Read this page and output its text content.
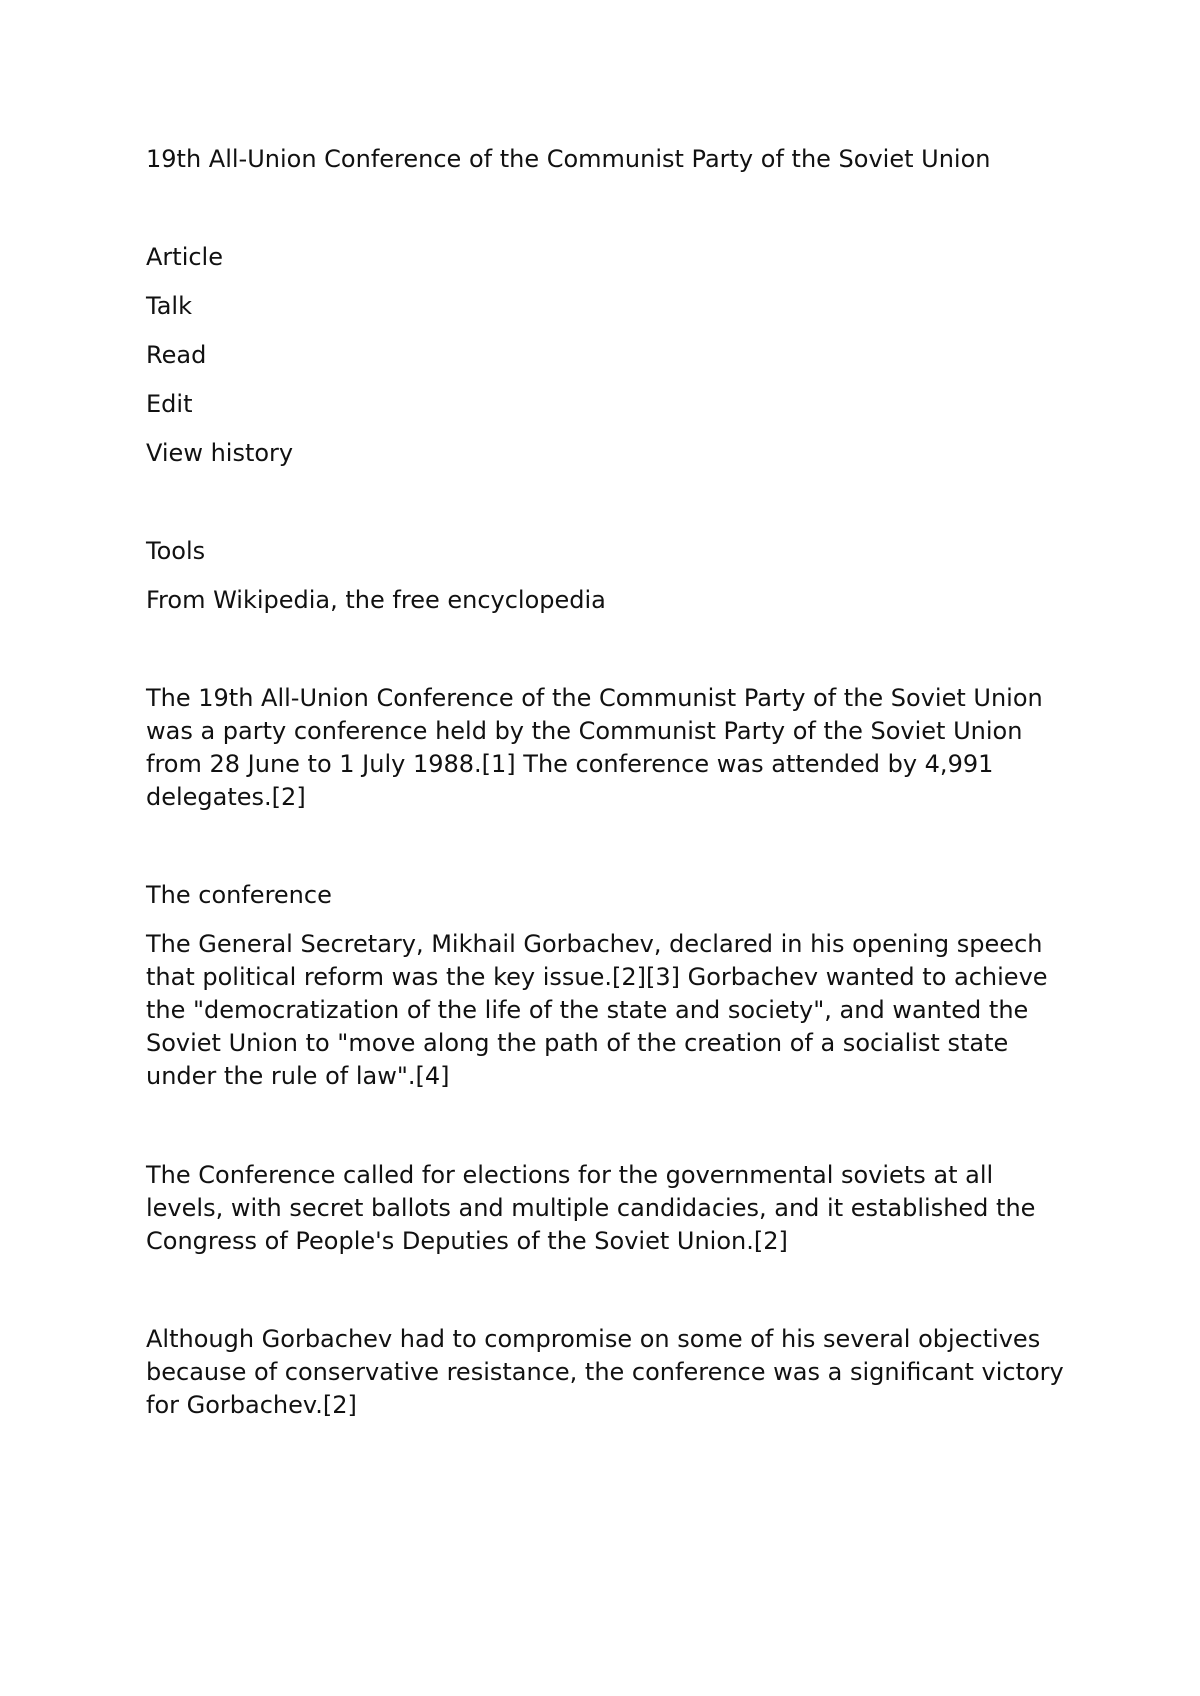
19th All-Union Conference of the Communist Party of the Soviet Union

Article

Talk

Read

Edit

View history

Tools

From Wikipedia, the free encyclopedia

The 19th All-Union Conference of the Communist Party of the Soviet Union was a party conference held by the Communist Party of the Soviet Union from 28 June to 1 July 1988.[1] The conference was attended by 4,991 delegates.[2]

The conference

The General Secretary, Mikhail Gorbachev, declared in his opening speech that political reform was the key issue.[2][3] Gorbachev wanted to achieve the "democratization of the life of the state and society", and wanted the Soviet Union to "move along the path of the creation of a socialist state under the rule of law".[4]

The Conference called for elections for the governmental soviets at all levels, with secret ballots and multiple candidacies, and it established the Congress of People's Deputies of the Soviet Union.[2]

Although Gorbachev had to compromise on some of his several objectives because of conservative resistance, the conference was a significant victory for Gorbachev.[2]
